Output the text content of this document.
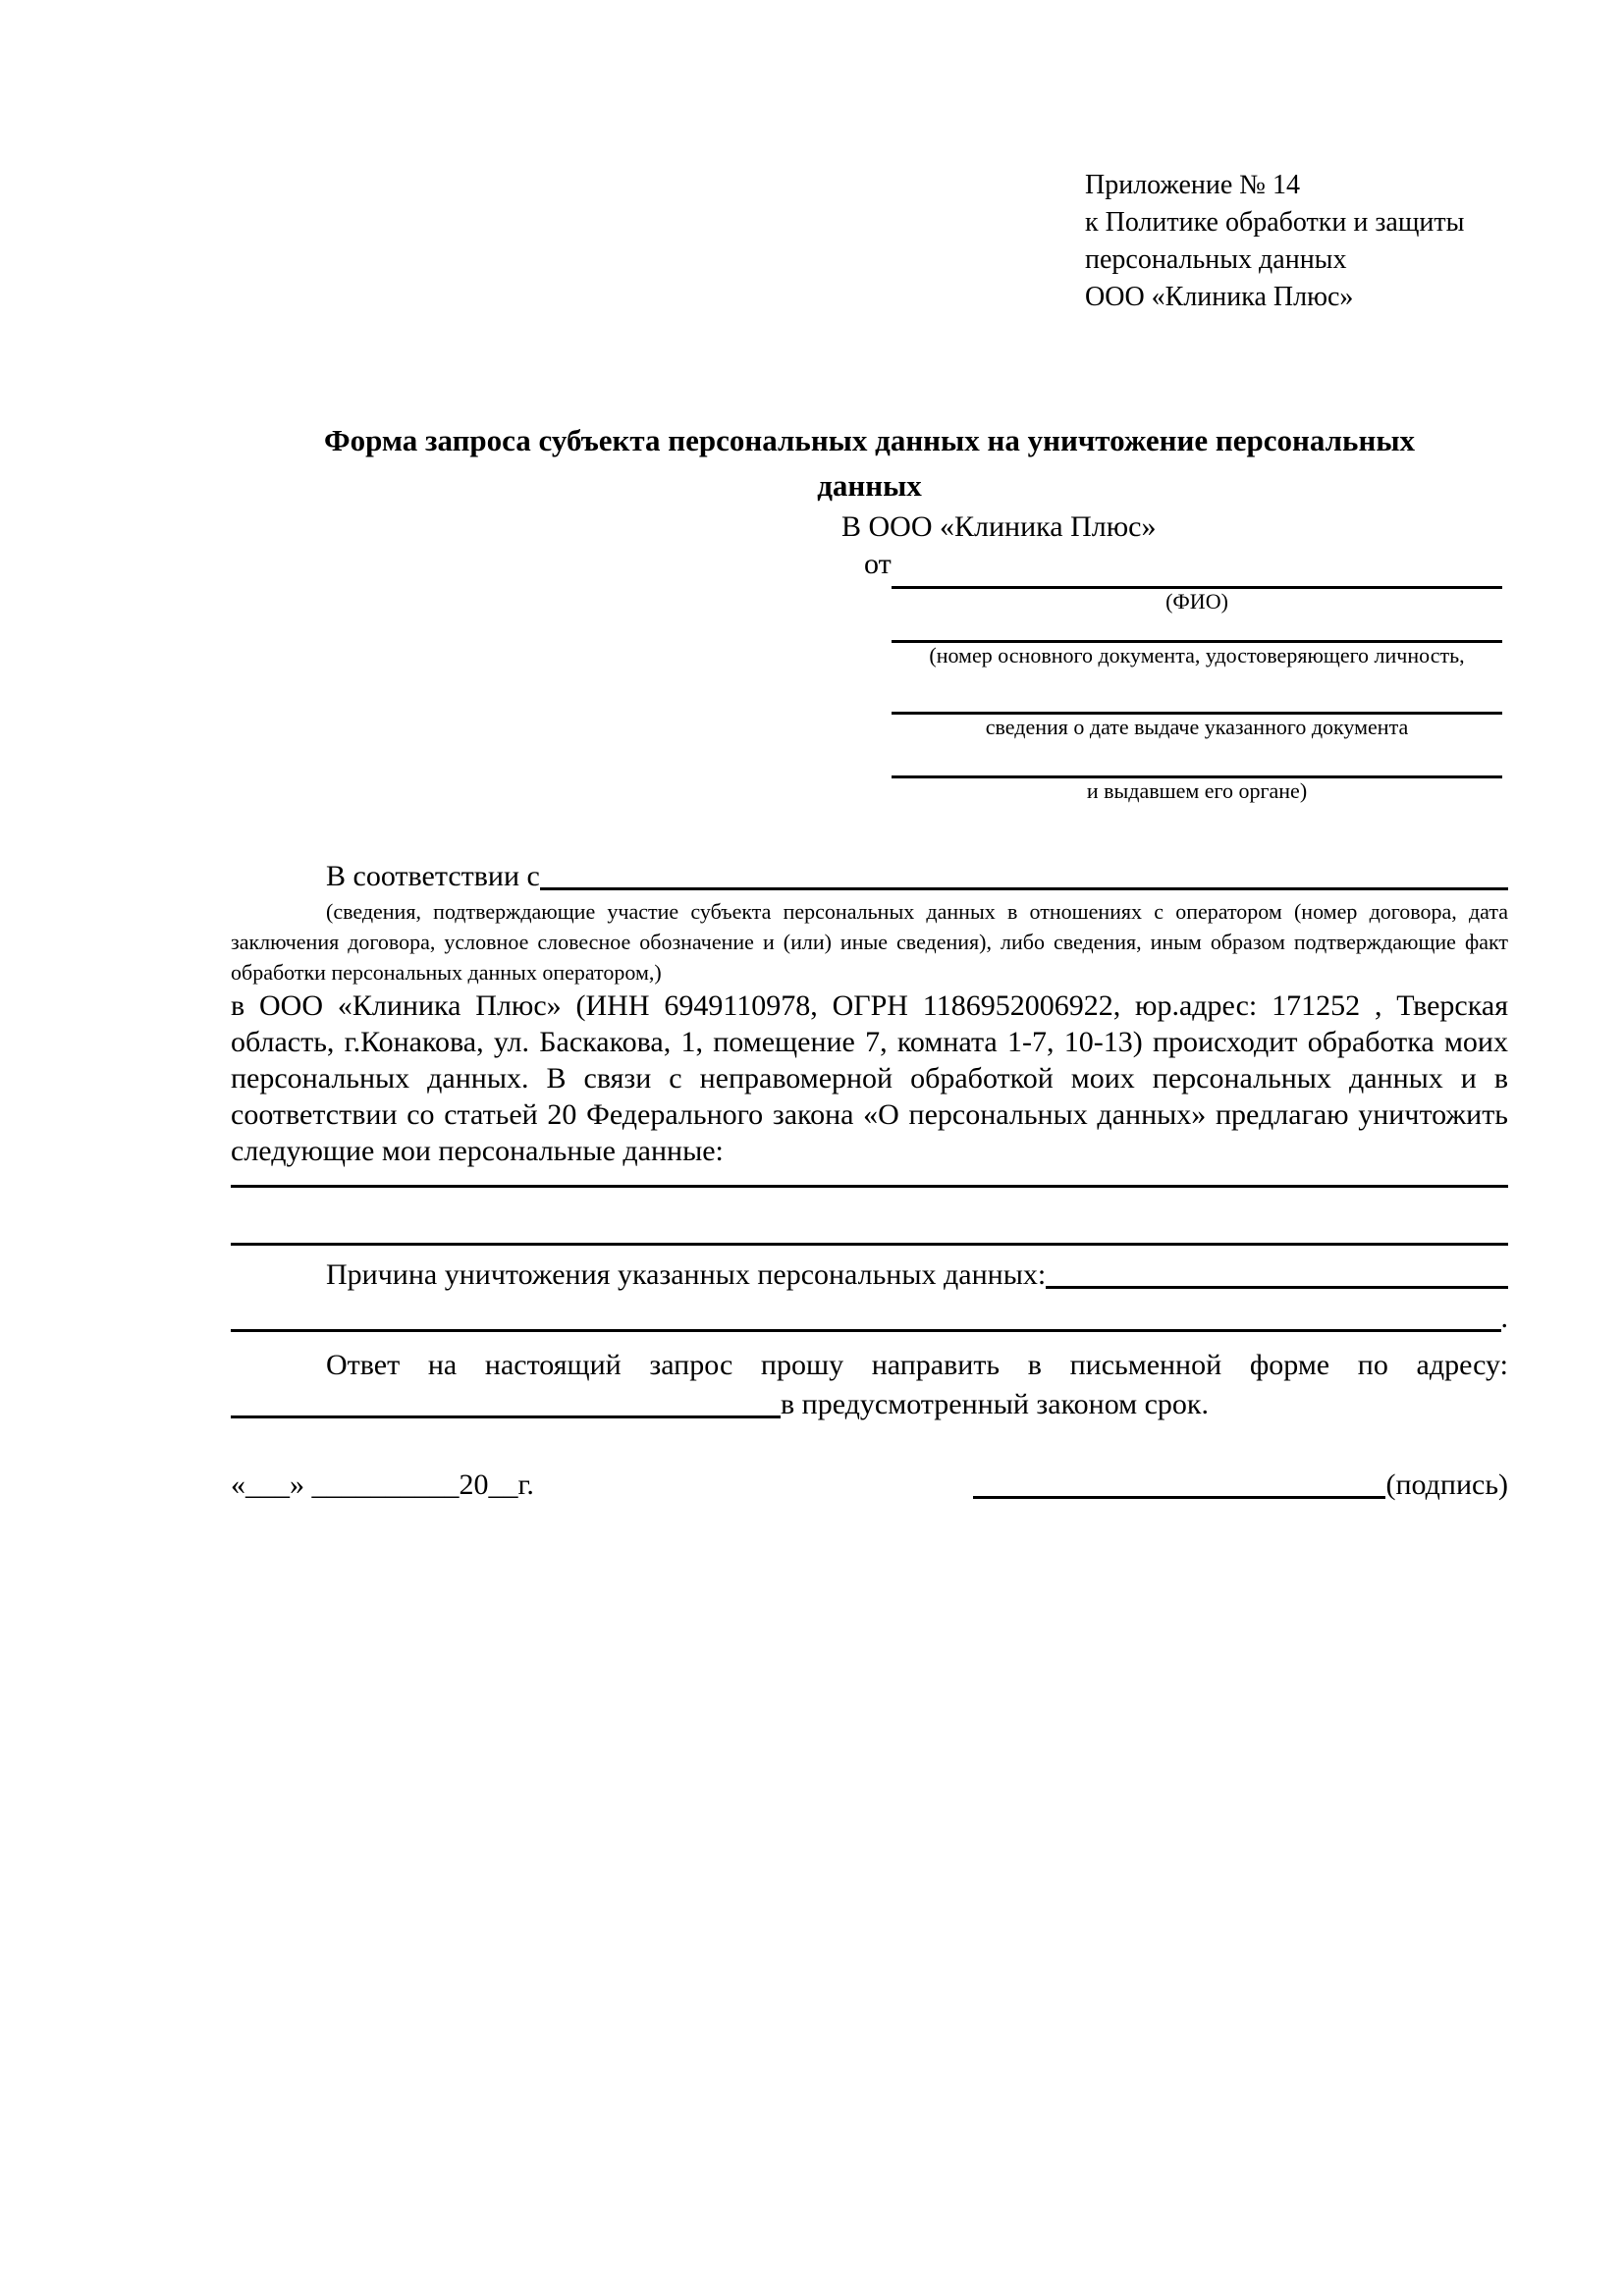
Приложение № 14
к Политике обработки и защиты
персональных данных
ООО «Клиника Плюс»
Форма запроса субъекта персональных данных на уничтожение персональных данных
В ООО «Клиника Плюс»
от
(ФИО)
(номер основного документа, удостоверяющего личность,
сведения о дате выдаче указанного документа
и выдавшем его органе)
В соответствии с
(сведения, подтверждающие участие субъекта персональных данных в отношениях с оператором (номер договора, дата заключения договора, условное словесное обозначение и (или) иные сведения), либо сведения, иным образом подтверждающие факт обработки персональных данных оператором,)
в ООО «Клиника Плюс» (ИНН 6949110978, ОГРН 1186952006922, юр.адрес: 171252 , Тверская область, г.Конакова, ул. Баскакова, 1, помещение 7, комната 1-7, 10-13) происходит обработка моих персональных данных. В связи с неправомерной обработкой моих персональных данных и в соответствии со статьей 20 Федерального закона «О персональных данных» предлагаю уничтожить следующие мои персональные данные:
Причина уничтожения указанных персональных данных:
.
Ответ на настоящий запрос прошу направить в письменной форме по адресу:
в предусмотренный законом срок.
«___» __________20__г.	(подпись)
